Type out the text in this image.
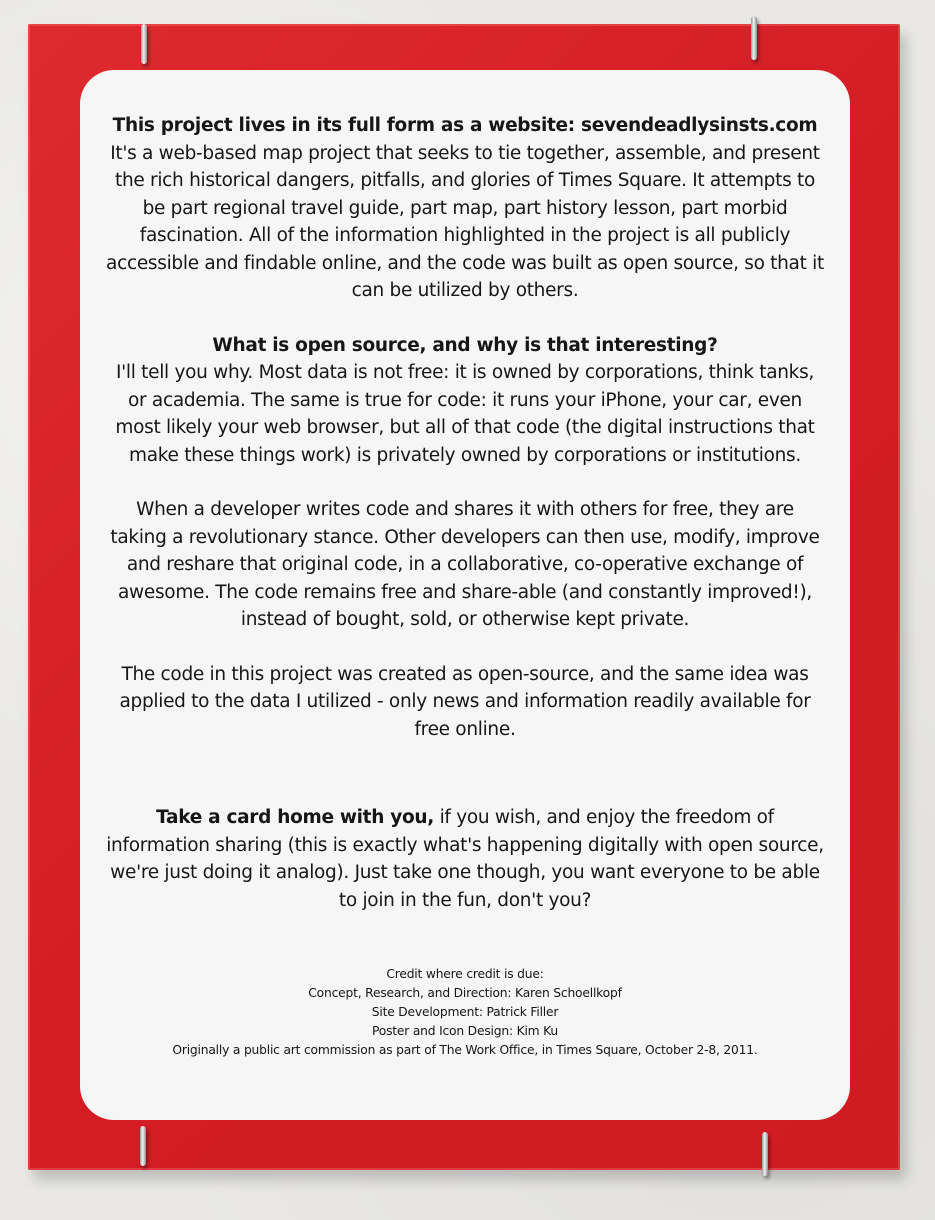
This project lives in its full form as a website: sevendeadlysinsts.com
It's a web-based map project that seeks to tie together, assemble, and present the rich historical dangers, pitfalls, and glories of Times Square. It attempts to be part regional travel guide, part map, part history lesson, part morbid fascination. All of the information highlighted in the project is all publicly accessible and findable online, and the code was built as open source, so that it can be utilized by others.

What is open source, and why is that interesting?
I'll tell you why. Most data is not free: it is owned by corporations, think tanks, or academia. The same is true for code: it runs your iPhone, your car, even most likely your web browser, but all of that code (the digital instructions that make these things work) is privately owned by corporations or institutions.

When a developer writes code and shares it with others for free, they are taking a revolutionary stance. Other developers can then use, modify, improve and reshare that original code, in a collaborative, co-operative exchange of awesome. The code remains free and share-able (and constantly improved!), instead of bought, sold, or otherwise kept private.

The code in this project was created as open-source, and the same idea was applied to the data I utilized - only news and information readily available for free online.

Take a card home with you, if you wish, and enjoy the freedom of information sharing (this is exactly what's happening digitally with open source, we're just doing it analog). Just take one though, you want everyone to be able to join in the fun, don't you?

Credit where credit is due:
Concept, Research, and Direction: Karen Schoellkopf
Site Development: Patrick Filler
Poster and Icon Design: Kim Ku
Originally a public art commission as part of The Work Office, in Times Square, October 2-8, 2011.
